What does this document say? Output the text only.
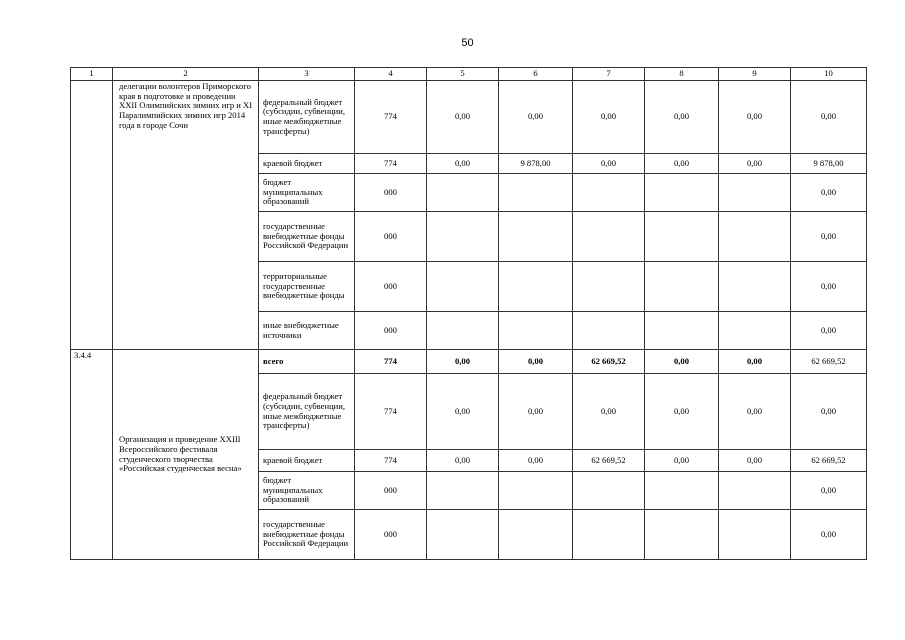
50
1	2	3	4	5	6	7	8	9	10
	делегации волонтеров Приморского края в подготовке и проведении XXII Олимпийских зимних игр и XI Паралимпийских зимних игр 2014 года в городе Сочи	федеральный бюджет (субсидии, субвенции, иные межбюджетные трансферты)	774	0,00	0,00	0,00	0,00	0,00	0,00
		краевой бюджет	774	0,00	9 878,00	0,00	0,00	0,00	9 878,00
		бюджет муниципальных образований	000						0,00
		государственные внебюджетные фонды Российской Федерации	000						0,00
		территориальные государственные внебюджетные фонды	000						0,00
		иные внебюджетные источники	000						0,00
3.4.4	Организация и проведение XXIII Всероссийского фестиваля студенческого творчества «Российская студенческая весна»	всего	774	0,00	0,00	62 669,52	0,00	0,00	62 669,52
		федеральный бюджет (субсидии, субвенции, иные межбюджетные трансферты)	774	0,00	0,00	0,00	0,00	0,00	0,00
		краевой бюджет	774	0,00	0,00	62 669,52	0,00	0,00	62 669,52
		бюджет муниципальных образований	000						0,00
		государственные внебюджетные фонды Российской Федерации	000						0,00
